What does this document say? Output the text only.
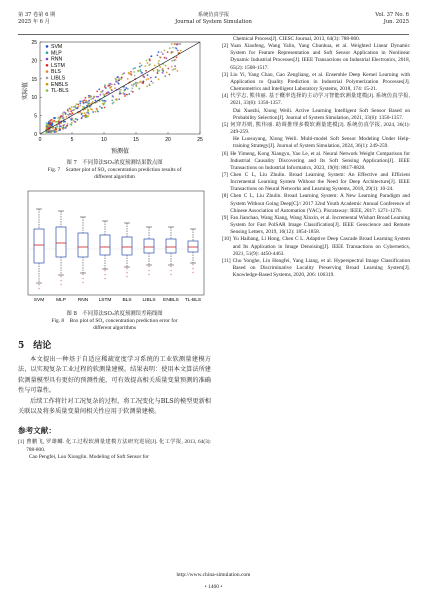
第 37 卷第 6 期
2025 年 6 月
系统仿真学报
Journal of System Simulation
Vol. 37 No. 6
Jun. 2025
25
20
15
10
5
0
0	5	10	15	20	25
实际值
预测值
SVM
MLP
RNN
LSTM
BLS
LIBLS
ENBLS
TL-BLS
图 7　不同算法SO₂浓度预测结果散点图
Fig. 7　Scatter plot of SO₂ concentration prediction results of
different algorithm
+
+
+
+
+
+
+
+
+
+
+
+
+
+
+
+
+
+
+
+
+
+
+
SVM MLP RNN LSTM BLS LIBLS ENBLS TL-BLS
图 8　不同算法SO₂浓度预测误差箱线图
Fig. 8　Box plot of SO₂ concentration prediction error for
different algorithms
5　结论

本文提出一种基于自适应稀疏宽度学习系统的工业软测量建模方法，以实现复杂工业过程的软测量建模。结果表明：使用本文算法所建软测量模型具有更好的预测性能，可有效提高相关质量变量预测的准确性与可靠性。

后续工作将针对工况复杂的过程，将工况变化与BLS的模型更新相关联以及将多质量变量间相关性应用于软测量建模。

参考文献：
[1] 曹鹏飞, 罗雄麟. 化工过程软测量建模方法研究进展[J]. 化工学报, 2013, 64(3): 788-800.
Cao Pengfei, Luo Xionglin. Modeling of Soft Sensor for
Chemical Process[J]. CIESC Journal, 2013, 64(3): 788-800.
[2] Yuan Xiaofeng, Wang Yalin, Yang Chunhua, et al. Weighted Linear Dynamic System for Feature Representation and Soft Sensor Application in Nonlinear Dynamic Industrial Processes[J]. IEEE Transactions on Industrial Electronics, 2018, 65(2): 1508-1517.
[3] Liu Yi, Yang Chao, Gao Zengliang, et al. Ensemble Deep Kernel Learning with Application to Quality Prediction in Industrial Polymerization Processes[J]. Chemometrics and Intelligent Laboratory Systems, 2018, 174: 15-21.
[4] 代学志, 熊伟丽. 基于概率选择的主动学习智能软测量建模[J]. 系统仿真学报, 2021, 33(6): 1350-1357.
Dai Xuezhi, Xiong Weili. Active Learning Intelligent Soft Sensor Based on Probability Selection[J]. Journal of System Simulation, 2021, 33(6): 1350-1357.
[5] 何穿苏则, 熊伟丽. 助调推理多模软测量建模[J]. 系统仿真学报, 2024, 36(1): 249-259.
He Luosuyang, Xiong Weili. Multi-model Soft Sensor Modeling Under Help-training Strategy[J]. Journal of System Simulation, 2024, 36(1): 249-259.
[6] He Yimeng, Kong Xiangyu, Yao Le, et al. Neural Network Weight Comparison for Industrial Causality Discovering and Its Soft Sensing Application[J]. IEEE Transactions on Industrial Informatics, 2023, 19(8): 8817-8828.
[7] Chen C L, Liu Zhulin. Broad Learning System: An Effective and Efficient Incremental Learning System Without the Need for Deep Architecture[J]. IEEE Transactions on Neural Networks and Learning Systems, 2018, 29(1): 10-24.
[8] Chen C L, Liu Zhulin. Broad Learning System: A New Learning Paradigm and System Without Going Deep[C]// 2017 32nd Youth Academic Annual Conference of Chinese Association of Automation (YAC). Piscataway: IEEE, 2017: 1271-1276.
[9] Fan Jianchao, Wang Xiang, Wang Xinxin, et al. Incremental Wishart Broad Learning System for Fast PolSAR Image Classification[J]. IEEE Geoscience and Remote Sensing Letters, 2019, 16(12): 1854-1858.
[10] Yu Haibang, Li Hong, Chen C L. Adaptive Deep Cascade Broad Learning System and Its Application in Image Denoising[J]. IEEE Transactions on Cybernetics, 2021, 51(9): 4450-4463.
[11] Chu Yonghe, Lin Hongfei, Yang Liang, et al. Hyperspectral Image Classification Based on Discriminative Locality Preserving Broad Learning System[J]. Knowledge-Based Systems, 2020, 206: 106319.
http://www.china-simulation.com
• 1460 •
